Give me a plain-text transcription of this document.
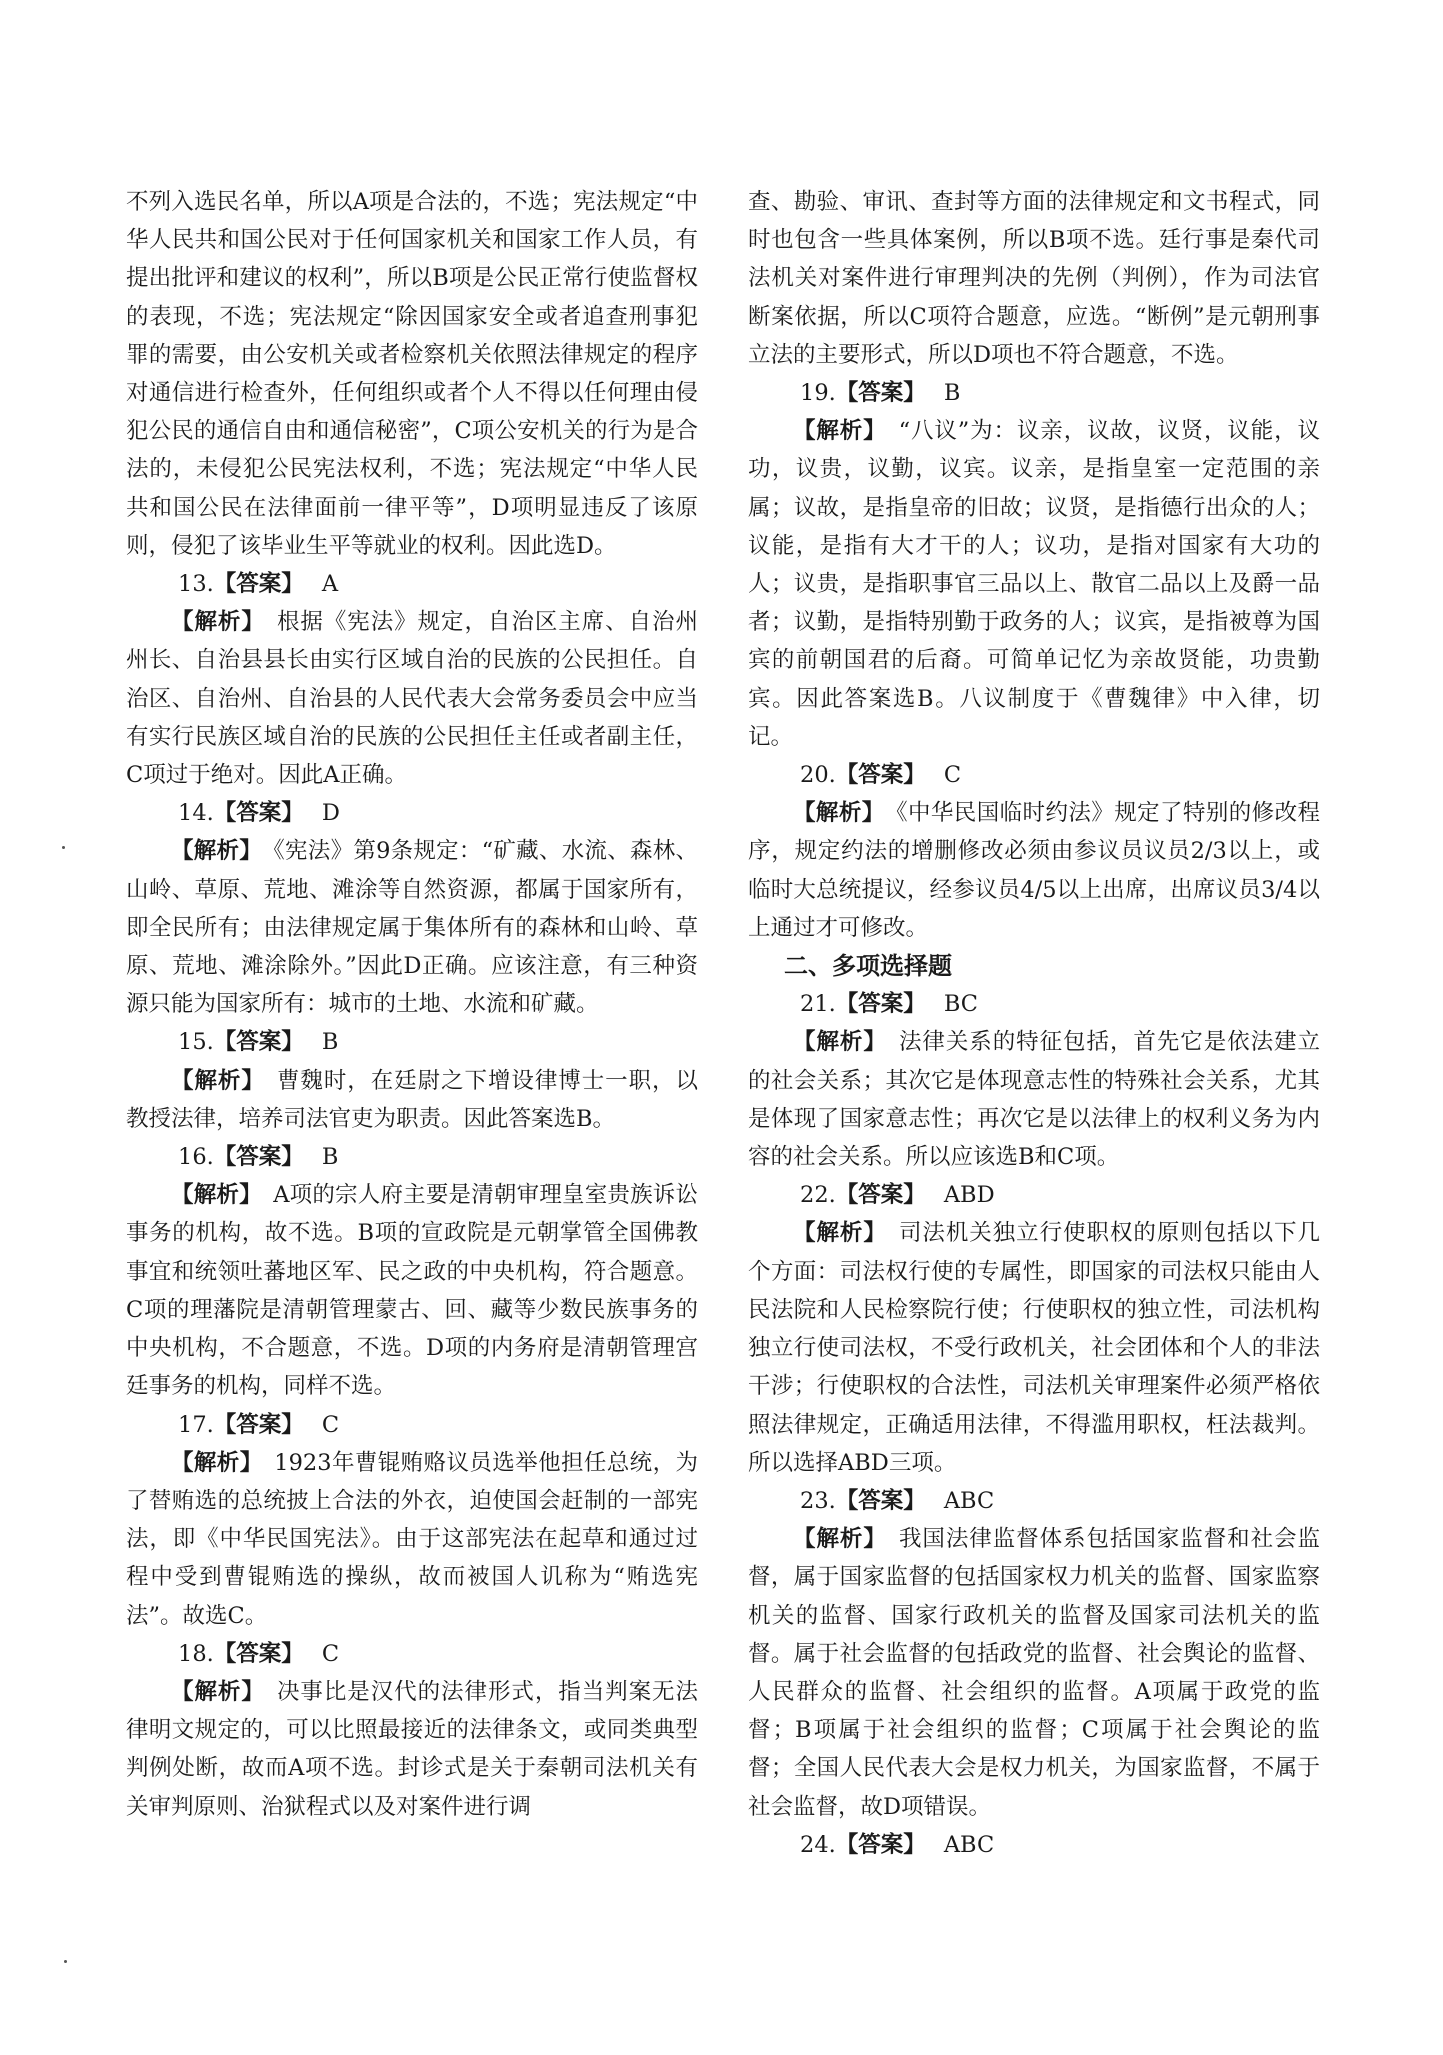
不列入选民名单，所以A项是合法的，不选；宪法规定“中华人民共和国公民对于任何国家机关和国家工作人员，有提出批评和建议的权利”，所以B项是公民正常行使监督权的表现，不选；宪法规定“除因国家安全或者追查刑事犯罪的需要，由公安机关或者检察机关依照法律规定的程序对通信进行检查外，任何组织或者个人不得以任何理由侵犯公民的通信自由和通信秘密”，C项公安机关的行为是合法的，未侵犯公民宪法权利，不选；宪法规定“中华人民共和国公民在法律面前一律平等”，D项明显违反了该原则，侵犯了该毕业生平等就业的权利。因此选D。

13.【答案】 A

【解析】　 根据《宪法》规定，自治区主席、自治州州长、自治县县长由实行区域自治的民族的公民担任。自治区、自治州、自治县的人民代表大会常务委员会中应当有实行民族区域自治的民族的公民担任主任或者副主任，C项过于绝对。因此A正确。

14.【答案】 D

【解析】　 《宪法》第9条规定：“矿藏、水流、森林、山岭、草原、荒地、滩涂等自然资源，都属于国家所有，即全民所有；由法律规定属于集体所有的森林和山岭、草原、荒地、滩涂除外。”因此D正确。应该注意，有三种资源只能为国家所有：城市的土地、水流和矿藏。

15.【答案】 B

【解析】　 曹魏时，在廷尉之下增设律博士一职，以教授法律，培养司法官吏为职责。因此答案选B。

16.【答案】 B

【解析】　 A项的宗人府主要是清朝审理皇室贵族诉讼事务的机构，故不选。B项的宣政院是元朝掌管全国佛教事宜和统领吐蕃地区军、民之政的中央机构，符合题意。C项的理藩院是清朝管理蒙古、回、藏等少数民族事务的中央机构，不合题意，不选。D项的内务府是清朝管理宫廷事务的机构，同样不选。

17.【答案】 C

【解析】　 1923年曹锟贿赂议员选举他担任总统，为了替贿选的总统披上合法的外衣，迫使国会赶制的一部宪法，即《中华民国宪法》。由于这部宪法在起草和通过过程中受到曹锟贿选的操纵，故而被国人讥称为“贿选宪法”。故选C。

18.【答案】 C

【解析】　 决事比是汉代的法律形式，指当判案无法律明文规定的，可以比照最接近的法律条文，或同类典型判例处断，故而A项不选。封诊式是关于秦朝司法机关有关审判原则、治狱程式以及对案件进行调

查、勘验、审讯、查封等方面的法律规定和文书程式，同时也包含一些具体案例，所以B项不选。廷行事是秦代司法机关对案件进行审理判决的先例（判例），作为司法官断案依据，所以C项符合题意，应选。“断例”是元朝刑事立法的主要形式，所以D项也不符合题意，不选。

19.【答案】 B

【解析】　 “八议”为：议亲，议故，议贤，议能，议功，议贵，议勤，议宾。议亲，是指皇室一定范围的亲属；议故，是指皇帝的旧故；议贤，是指德行出众的人；议能，是指有大才干的人；议功，是指对国家有大功的人；议贵，是指职事官三品以上、散官二品以上及爵一品者；议勤，是指特别勤于政务的人；议宾，是指被尊为国宾的前朝国君的后裔。可简单记忆为亲故贤能，功贵勤宾。因此答案选B。八议制度于《曹魏律》中入律，切记。

20.【答案】 C

【解析】　 《中华民国临时约法》规定了特别的修改程序，规定约法的增删修改必须由参议员议员2/3以上，或临时大总统提议，经参议员4/5以上出席，出席议员3/4以上通过才可修改。

二、多项选择题

21.【答案】 BC

【解析】　 法律关系的特征包括，首先它是依法建立的社会关系；其次它是体现意志性的特殊社会关系，尤其是体现了国家意志性；再次它是以法律上的权利义务为内容的社会关系。所以应该选B和C项。

22.【答案】 ABD

【解析】　 司法机关独立行使职权的原则包括以下几个方面：司法权行使的专属性，即国家的司法权只能由人民法院和人民检察院行使；行使职权的独立性，司法机构独立行使司法权，不受行政机关，社会团体和个人的非法干涉；行使职权的合法性，司法机关审理案件必须严格依照法律规定，正确适用法律，不得滥用职权，枉法裁判。所以选择ABD三项。

23.【答案】 ABC

【解析】　 我国法律监督体系包括国家监督和社会监督，属于国家监督的包括国家权力机关的监督、国家监察机关的监督、国家行政机关的监督及国家司法机关的监督。属于社会监督的包括政党的监督、社会舆论的监督、人民群众的监督、社会组织的监督。A项属于政党的监督；B项属于社会组织的监督；C项属于社会舆论的监督；全国人民代表大会是权力机关，为国家监督，不属于社会监督，故D项错误。

24.【答案】 ABC
